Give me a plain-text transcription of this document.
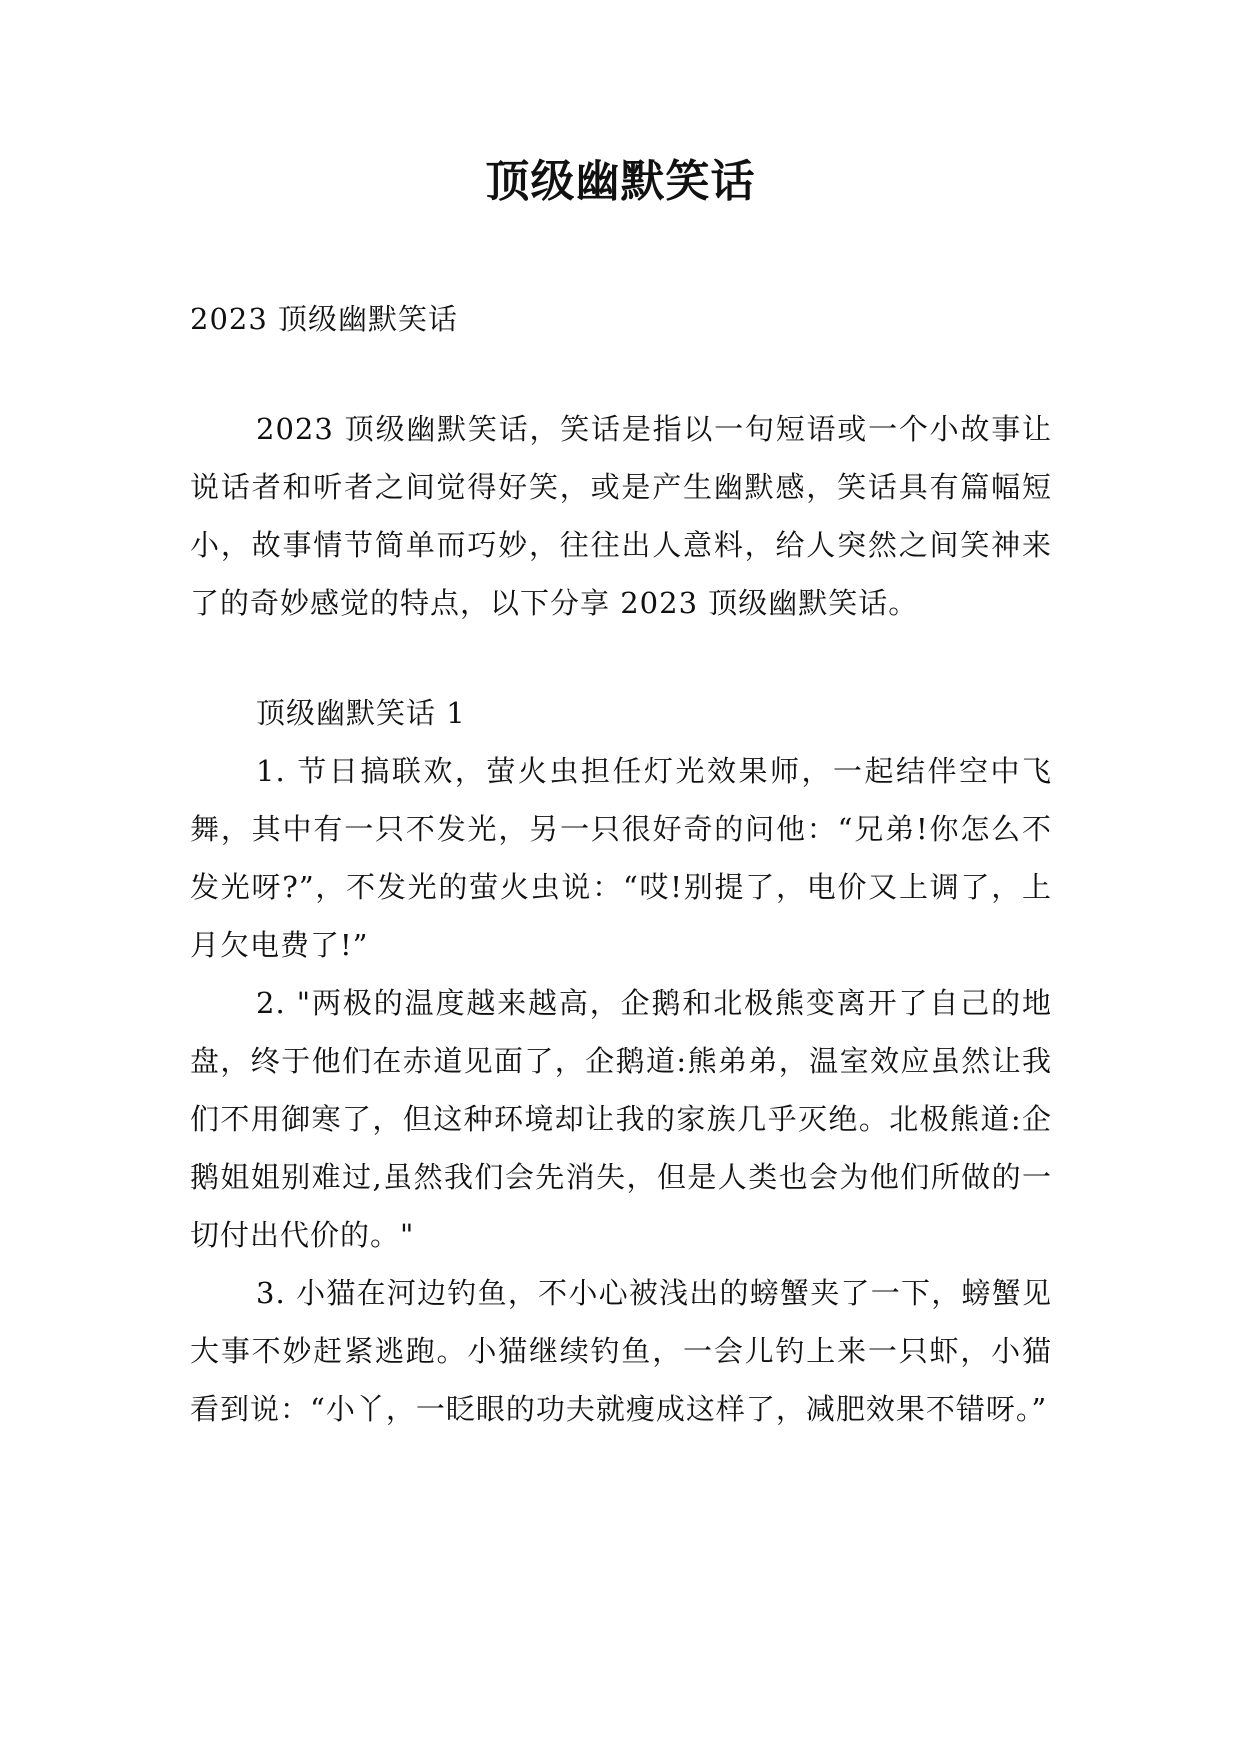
顶级幽默笑话

2023 顶级幽默笑话

2023 顶级幽默笑话，笑话是指以一句短语或一个小故事让说话者和听者之间觉得好笑，或是产生幽默感，笑话具有篇幅短小，故事情节简单而巧妙，往往出人意料，给人突然之间笑神来了的奇妙感觉的特点，以下分享 2023 顶级幽默笑话。

顶级幽默笑话 1

1. 节日搞联欢，萤火虫担任灯光效果师，一起结伴空中飞舞，其中有一只不发光，另一只很好奇的问他：“兄弟!你怎么不发光呀?”，不发光的萤火虫说：“哎!别提了，电价又上调了，上月欠电费了!”

2. "两极的温度越来越高，企鹅和北极熊变离开了自己的地盘，终于他们在赤道见面了，企鹅道:熊弟弟，温室效应虽然让我们不用御寒了，但这种环境却让我的家族几乎灭绝。北极熊道:企鹅姐姐别难过,虽然我们会先消失，但是人类也会为他们所做的一切付出代价的。"

3. 小猫在河边钓鱼，不小心被浅出的螃蟹夹了一下，螃蟹见大事不妙赶紧逃跑。小猫继续钓鱼，一会儿钓上来一只虾，小猫看到说：“小丫，一眨眼的功夫就瘦成这样了，减肥效果不错呀。”
